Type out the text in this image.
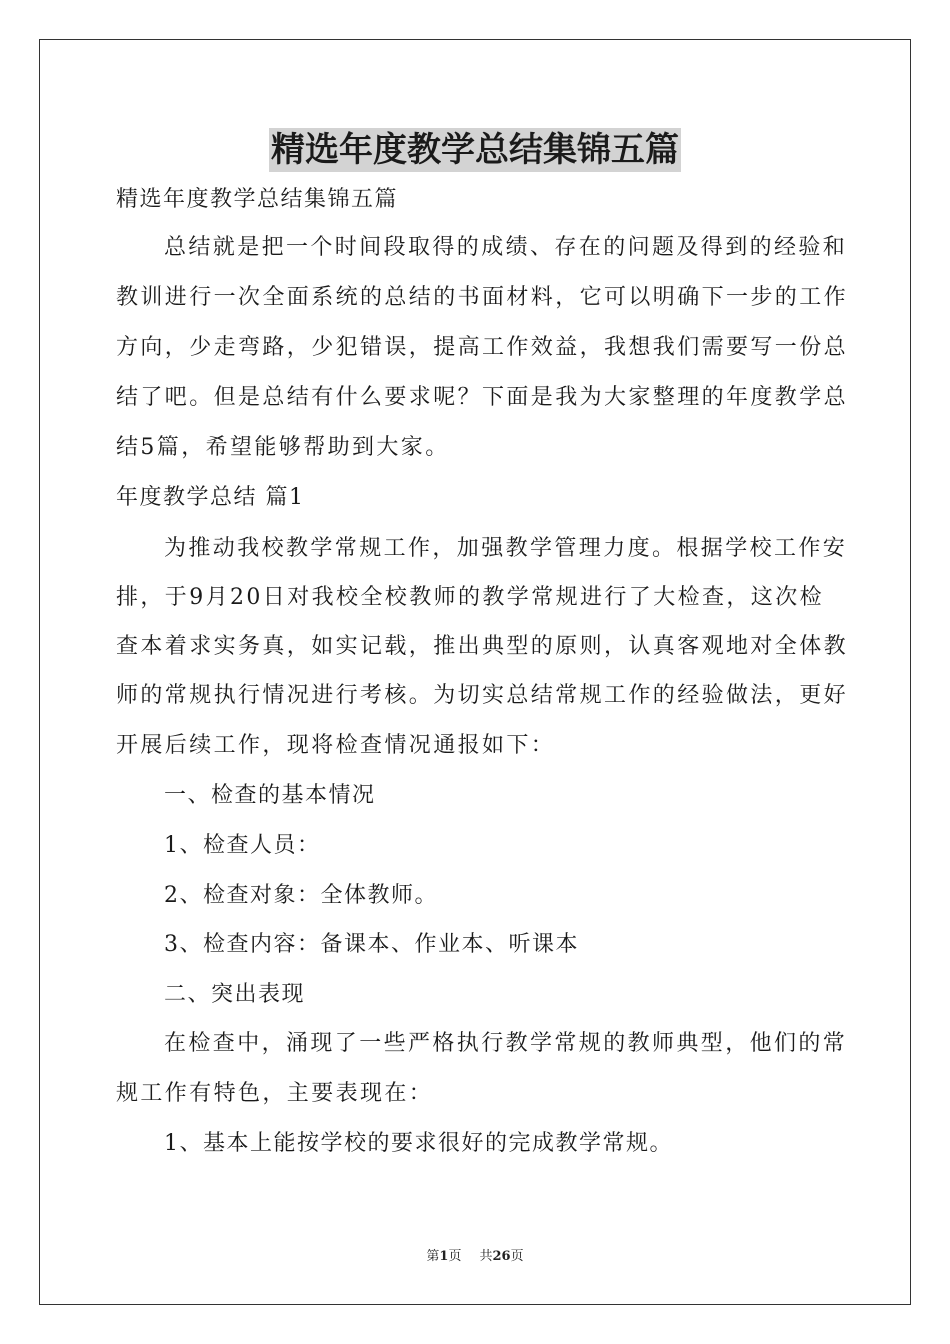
精选年度教学总结集锦五篇
精选年度教学总结集锦五篇
总结就是把一个时间段取得的成绩、存在的问题及得到的经验和
教训进行一次全面系统的总结的书面材料，它可以明确下一步的工作
方向，少走弯路，少犯错误，提高工作效益，我想我们需要写一份总
结了吧。但是总结有什么要求呢？下面是我为大家整理的年度教学总
结5篇，希望能够帮助到大家。
年度教学总结 篇1
为推动我校教学常规工作，加强教学管理力度。根据学校工作安
排，于9月20日对我校全校教师的教学常规进行了大检查，这次检
查本着求实务真，如实记载，推出典型的原则，认真客观地对全体教
师的常规执行情况进行考核。为切实总结常规工作的经验做法，更好
开展后续工作，现将检查情况通报如下：
一、检查的基本情况
1、检查人员：
2、检查对象：全体教师。
3、检查内容：备课本、作业本、听课本
二、突出表现
在检查中，涌现了一些严格执行教学常规的教师典型，他们的常
规工作有特色，主要表现在：
1、基本上能按学校的要求很好的完成教学常规。
第1页 共26页
